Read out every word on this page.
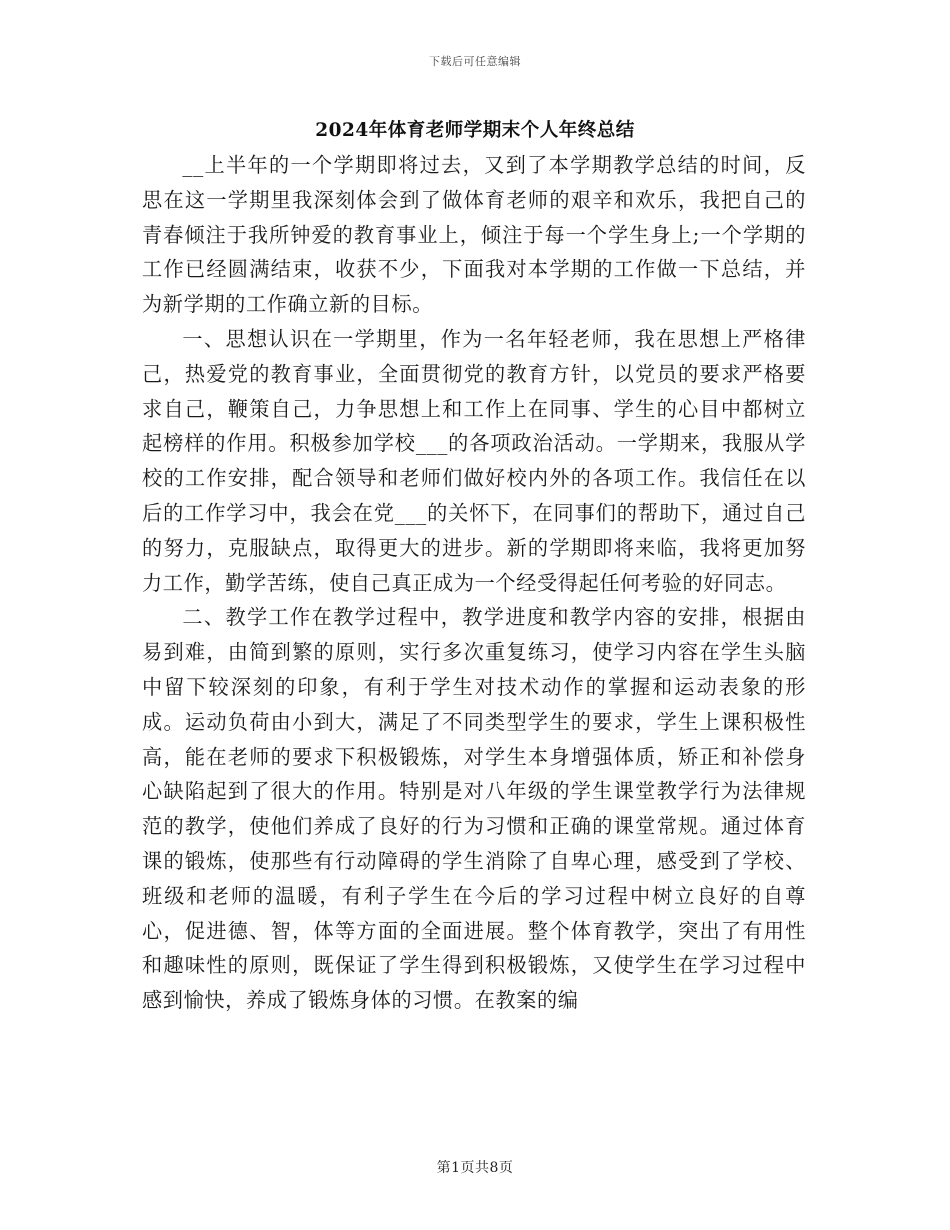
下载后可任意编辑
2024年体育老师学期末个人年终总结

__上半年的一个学期即将过去，又到了本学期教学总结的时间，反思在这一学期里我深刻体会到了做体育老师的艰辛和欢乐，我把自己的青春倾注于我所钟爱的教育事业上，倾注于每一个学生身上;一个学期的工作已经圆满结束，收获不少，下面我对本学期的工作做一下总结，并为新学期的工作确立新的目标。

一、思想认识在一学期里，作为一名年轻老师，我在思想上严格律己，热爱党的教育事业，全面贯彻党的教育方针，以党员的要求严格要求自己，鞭策自己，力争思想上和工作上在同事、学生的心目中都树立起榜样的作用。积极参加学校___的各项政治活动。一学期来，我服从学校的工作安排，配合领导和老师们做好校内外的各项工作。我信任在以后的工作学习中，我会在党___的关怀下，在同事们的帮助下，通过自己的努力，克服缺点，取得更大的进步。新的学期即将来临，我将更加努力工作，勤学苦练，使自己真正成为一个经受得起任何考验的好同志。

二、教学工作在教学过程中，教学进度和教学内容的安排，根据由易到难，由简到繁的原则，实行多次重复练习，使学习内容在学生头脑中留下较深刻的印象，有利于学生对技术动作的掌握和运动表象的形成。运动负荷由小到大，满足了不同类型学生的要求，学生上课积极性高，能在老师的要求下积极锻炼，对学生本身增强体质，矫正和补偿身心缺陷起到了很大的作用。特别是对八年级的学生课堂教学行为法律规范的教学，使他们养成了良好的行为习惯和正确的课堂常规。通过体育课的锻炼，使那些有行动障碍的学生消除了自卑心理，感受到了学校、班级和老师的温暖，有利子学生在今后的学习过程中树立良好的自尊心，促进德、智，体等方面的全面进展。整个体育教学，突出了有用性和趣味性的原则，既保证了学生得到积极锻炼，又使学生在学习过程中感到愉快，养成了锻炼身体的习惯。在教案的编

第1页共8页
